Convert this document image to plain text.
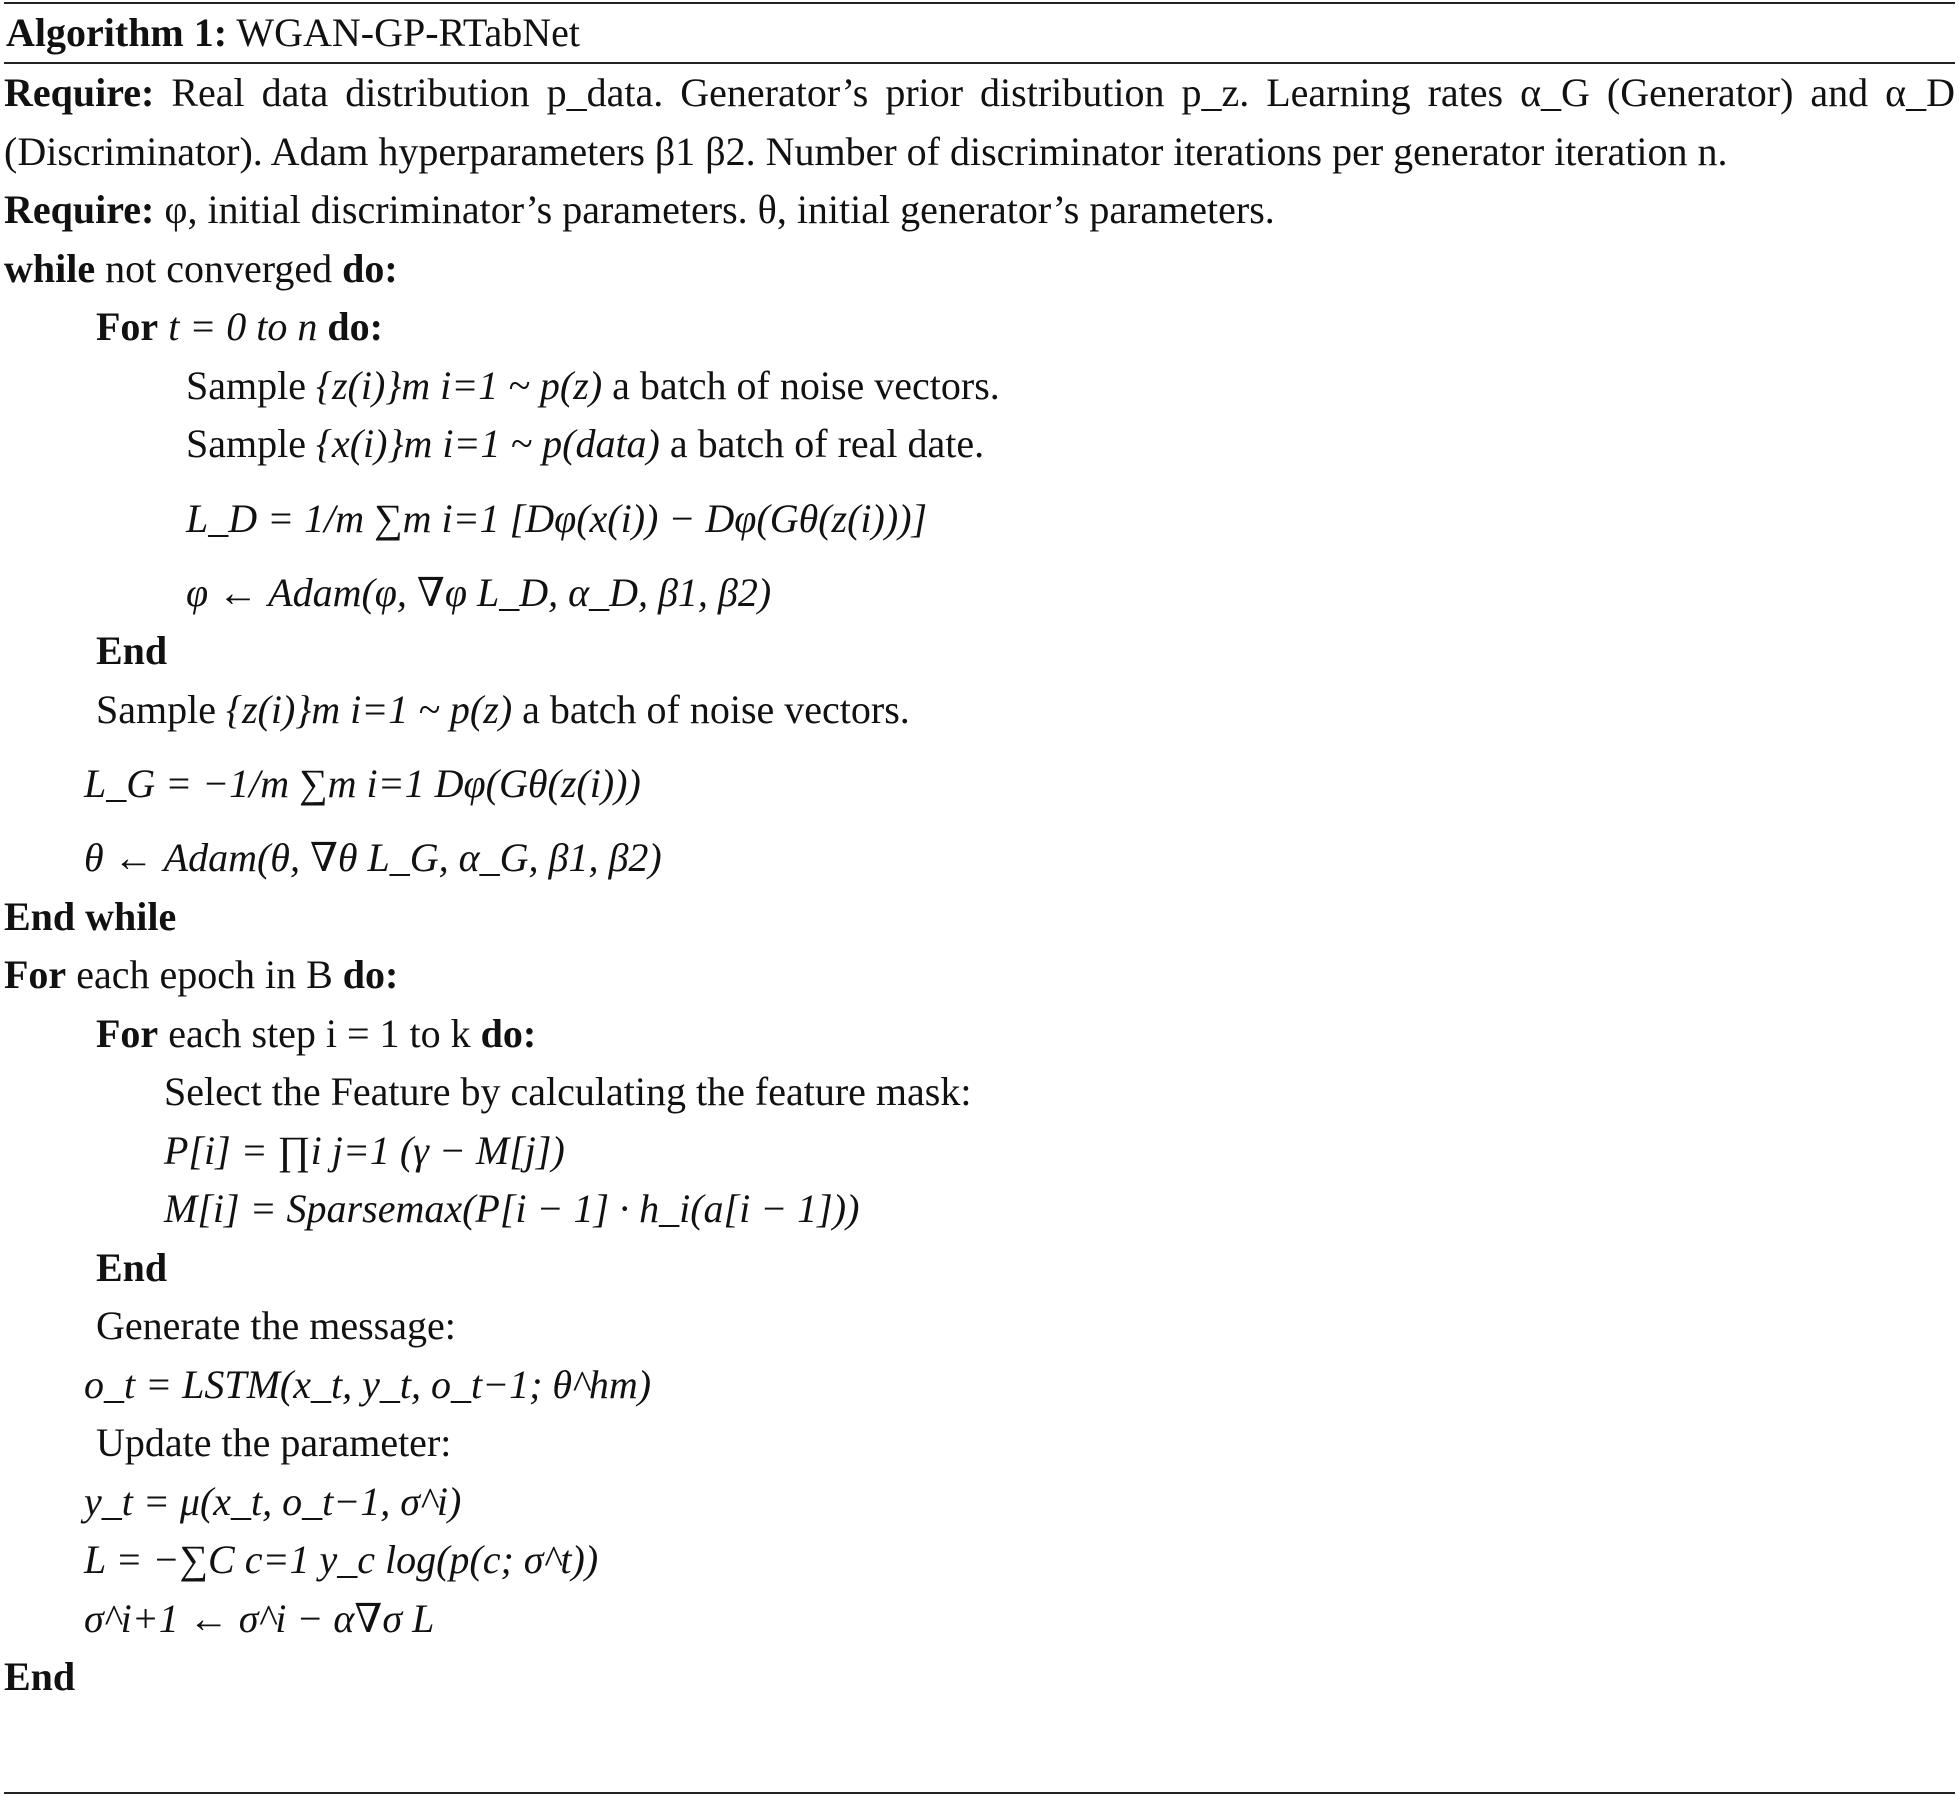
Algorithm 1: WGAN-GP-RTabNet
Require: Real data distribution p_data. Generator’s prior distribution p_z. Learning rates α_G (Generator) and α_D (Discriminator). Adam hyperparameters β1 β2. Number of discriminator iterations per generator iteration n.
Require: φ, initial discriminator’s parameters. θ, initial generator’s parameters.
while not converged do:
For t = 0 to n do:
Sample {z(i)}m i=1 ~ p(z) a batch of noise vectors.
Sample {x(i)}m i=1 ~ p(data) a batch of real date.
L_D = 1/m ∑m i=1 [Dφ(x(i)) − Dφ(Gθ(z(i)))]
φ ← Adam(φ, ∇φ L_D, α_D, β1, β2)
End
Sample {z(i)}m i=1 ~ p(z) a batch of noise vectors.
L_G = −1/m ∑m i=1 Dφ(Gθ(z(i)))
θ ← Adam(θ, ∇θ L_G, α_G, β1, β2)
End while
For each epoch in B do:
For each step i = 1 to k do:
Select the Feature by calculating the feature mask:
P[i] = ∏i j=1 (γ − M[j])
M[i] = Sparsemax(P[i − 1] · h_i(a[i − 1]))
End
Generate the message:
o_t = LSTM(x_t, y_t, o_t−1; θ^hm)
Update the parameter:
y_t = μ(x_t, o_t−1, σ^i)
L = −∑C c=1 y_c log(p(c; σ^t))
σ^i+1 ← σ^i − α∇σ L
End
